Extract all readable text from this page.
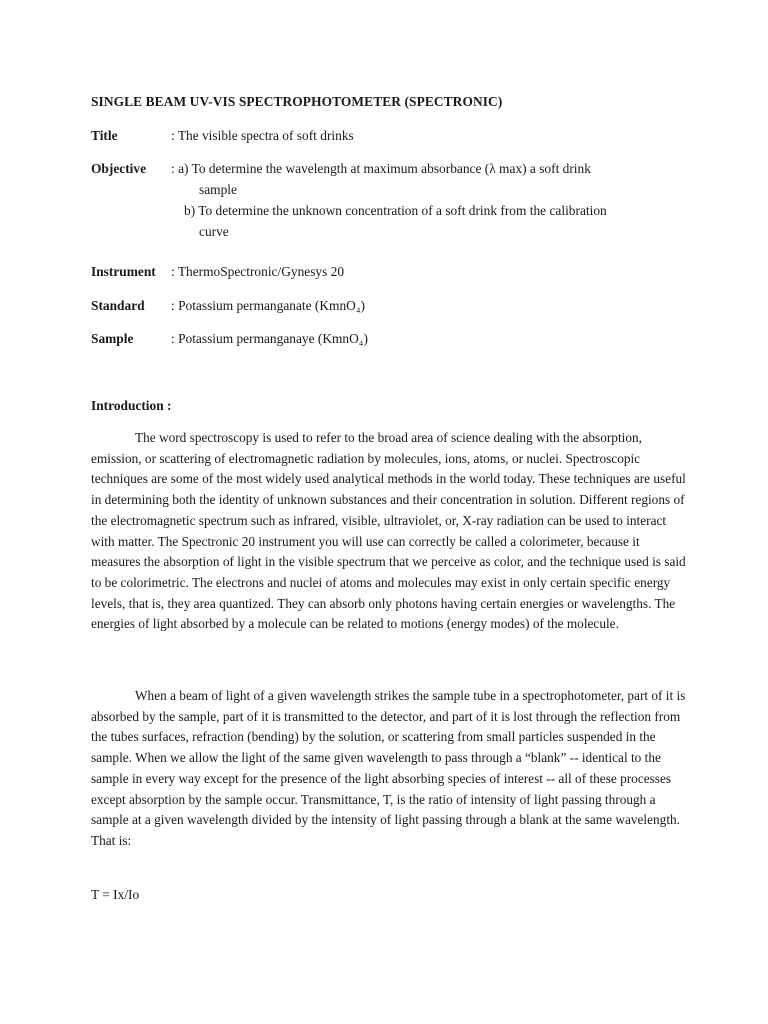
SINGLE BEAM UV-VIS SPECTROPHOTOMETER (SPECTRONIC)
Title	: The visible spectra of soft drinks
Objective : a) To determine the wavelength at maximum absorbance (λ max) a soft drink
sample
b) To determine the unknown concentration of a soft drink from the calibration
curve
Instrument : ThermoSpectronic/Gynesys 20
Standard : Potassium permanganate (KmnO₄)
Sample	: Potassium permanganaye (KmnO₄)
Introduction :

The word spectroscopy is used to refer to the broad area of science dealing with the absorption, emission, or scattering of electromagnetic radiation by molecules, ions, atoms, or nuclei. Spectroscopic techniques are some of the most widely used analytical methods in the world today. These techniques are useful in determining both the identity of unknown substances and their concentration in solution. Different regions of the electromagnetic spectrum such as infrared, visible, ultraviolet, or, X-ray radiation can be used to interact with matter. The Spectronic 20 instrument you will use can correctly be called a colorimeter, because it measures the absorption of light in the visible spectrum that we perceive as color, and the technique used is said to be colorimetric. The electrons and nuclei of atoms and molecules may exist in only certain specific energy levels, that is, they area quantized. They can absorb only photons having certain energies or wavelengths. The energies of light absorbed by a molecule can be related to motions (energy modes) of the molecule.

When a beam of light of a given wavelength strikes the sample tube in a spectrophotometer, part of it is absorbed by the sample, part of it is transmitted to the detector, and part of it is lost through the reflection from the tubes surfaces, refraction (bending) by the solution, or scattering from small particles suspended in the sample. When we allow the light of the same given wavelength to pass through a “blank” -- identical to the sample in every way except for the presence of the light absorbing species of interest -- all of these processes except absorption by the sample occur. Transmittance, T, is the ratio of intensity of light passing through a sample at a given wavelength divided by the intensity of light passing through a blank at the same wavelength. That is:

T = Ix/Io
